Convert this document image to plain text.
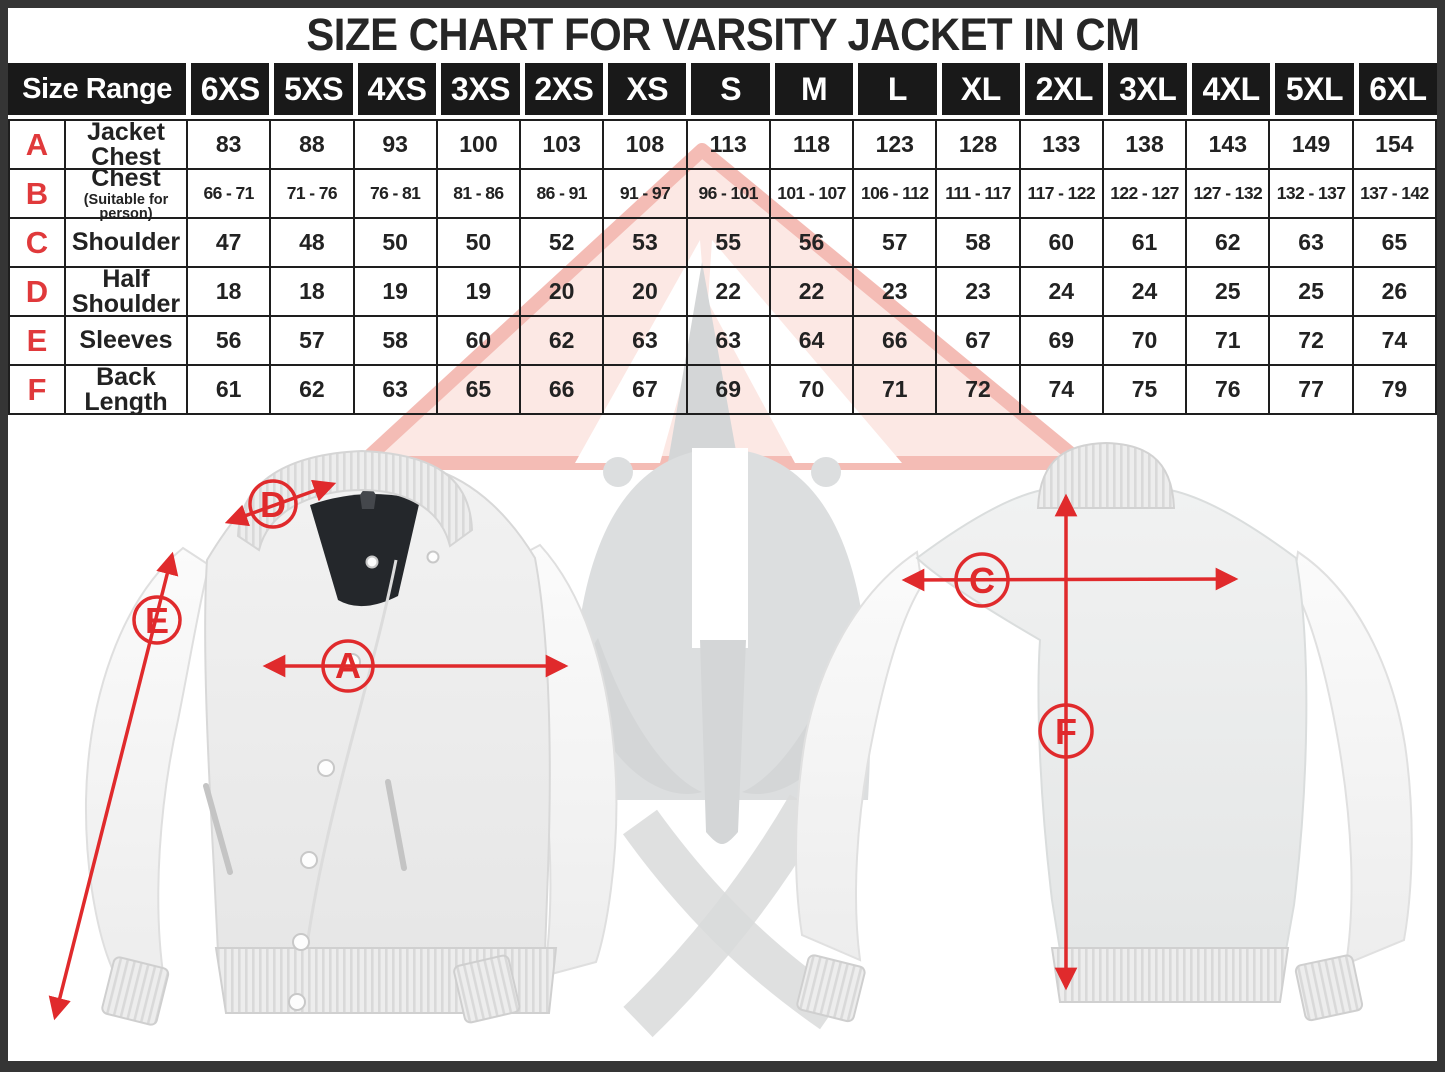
SIZE CHART FOR VARSITY JACKET IN CM
Size Range 6XS 5XS 4XS 3XS 2XS	XS	S	M	L	XL	2XL 3XL 4XL 5XL 6XL
A	Jacket Chest	83	88	93	100	103	108	113	118	123	128	133	138	143	149	154
B	Chest
(Suitable for person)
66 - 71	71 - 76	76 - 81	81 - 86	86 - 91	91 - 97	96 - 101	101 - 107 106 - 112 111 - 117 117 - 122 122 - 127 127 - 132 132 - 137 137 - 142
C Shoulder	47	48	50	50	52	53	55	56	57	58	60	61	62	63	65
D	Half Shoulder	18	18	19	19	20	20	22	22	23	23	24	24	25	25	26
E	Sleeves	56	57	58	60	62	63	63	64	66	67	69	70	71	72	74
F	Back Length	61	62	63	65	66	67	69	70	71	72	74	75	76	77	79
A
D
E
C
F
